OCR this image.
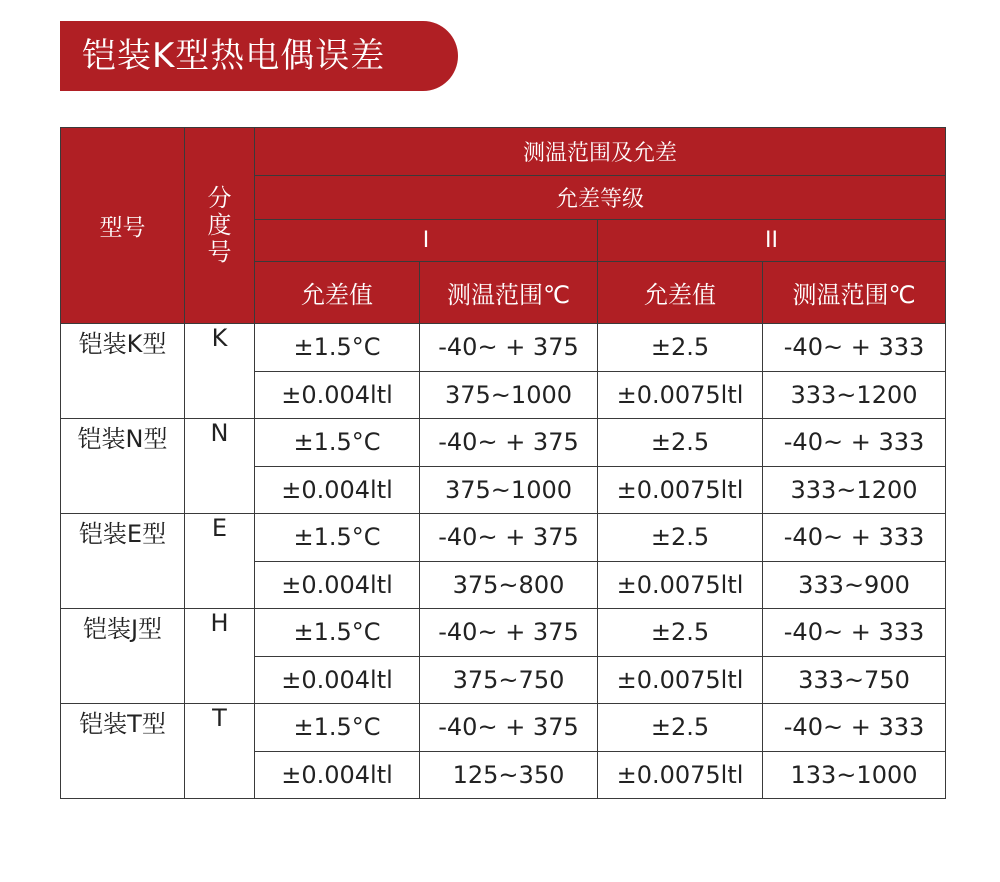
铠装K型热电偶误差
型号	分度号	测温范围及允差			
		允差等级			
		I		II	
		允差值	测温范围℃	允差值	测温范围℃
铠装K型	K	±1.5°C	-40~ + 375	±2.5	-40~ + 333
		±0.004ltl	375~1000	±0.0075ltl	333~1200
铠装N型	N	±1.5°C	-40~ + 375	±2.5	-40~ + 333
		±0.004ltl	375~1000	±0.0075ltl	333~1200
铠装E型	E	±1.5°C	-40~ + 375	±2.5	-40~ + 333
		±0.004ltl	375~800	±0.0075ltl	333~900
铠装J型	H	±1.5°C	-40~ + 375	±2.5	-40~ + 333
		±0.004ltl	375~750	±0.0075ltl	333~750
铠装T型	T	±1.5°C	-40~ + 375	±2.5	-40~ + 333
		±0.004ltl	125~350	±0.0075ltl	133~1000
